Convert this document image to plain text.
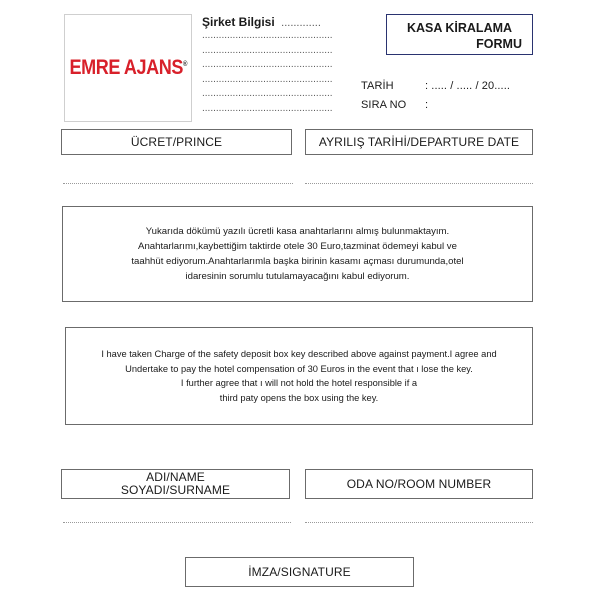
EMRE AJANS®
Şirket Bilgisi .............
...............................................
...............................................
...............................................
...............................................
...............................................
...............................................
KASA KİRALAMA
FORMU
TARİH	: ..... / ..... / 20.....
SIRA NO :
ÜCRET/PRINCE	AYRILIŞ TARİHİ/DEPARTURE DATE
Yukarıda dökümü yazılı ücretli kasa anahtarlarını almış bulunmaktayım.
Anahtarlarımı,kaybettiğim taktirde otele 30 Euro,tazminat ödemeyi kabul ve
taahhüt ediyorum.Anahtarlarımla başka birinin kasamı açması durumunda,otel
idaresinin sorumlu tutulamayacağını kabul ediyorum.
I have taken Charge of the safety deposit box key described above against payment.I agree and
Undertake to pay the hotel compensation of 30 Euros in the event that ı lose the key.
I further agree that ı will not hold the hotel responsible if a
third paty opens the box using the key.
ADI/NAME
SOYADI/SURNAME	ODA NO/ROOM NUMBER
İMZA/SIGNATURE
